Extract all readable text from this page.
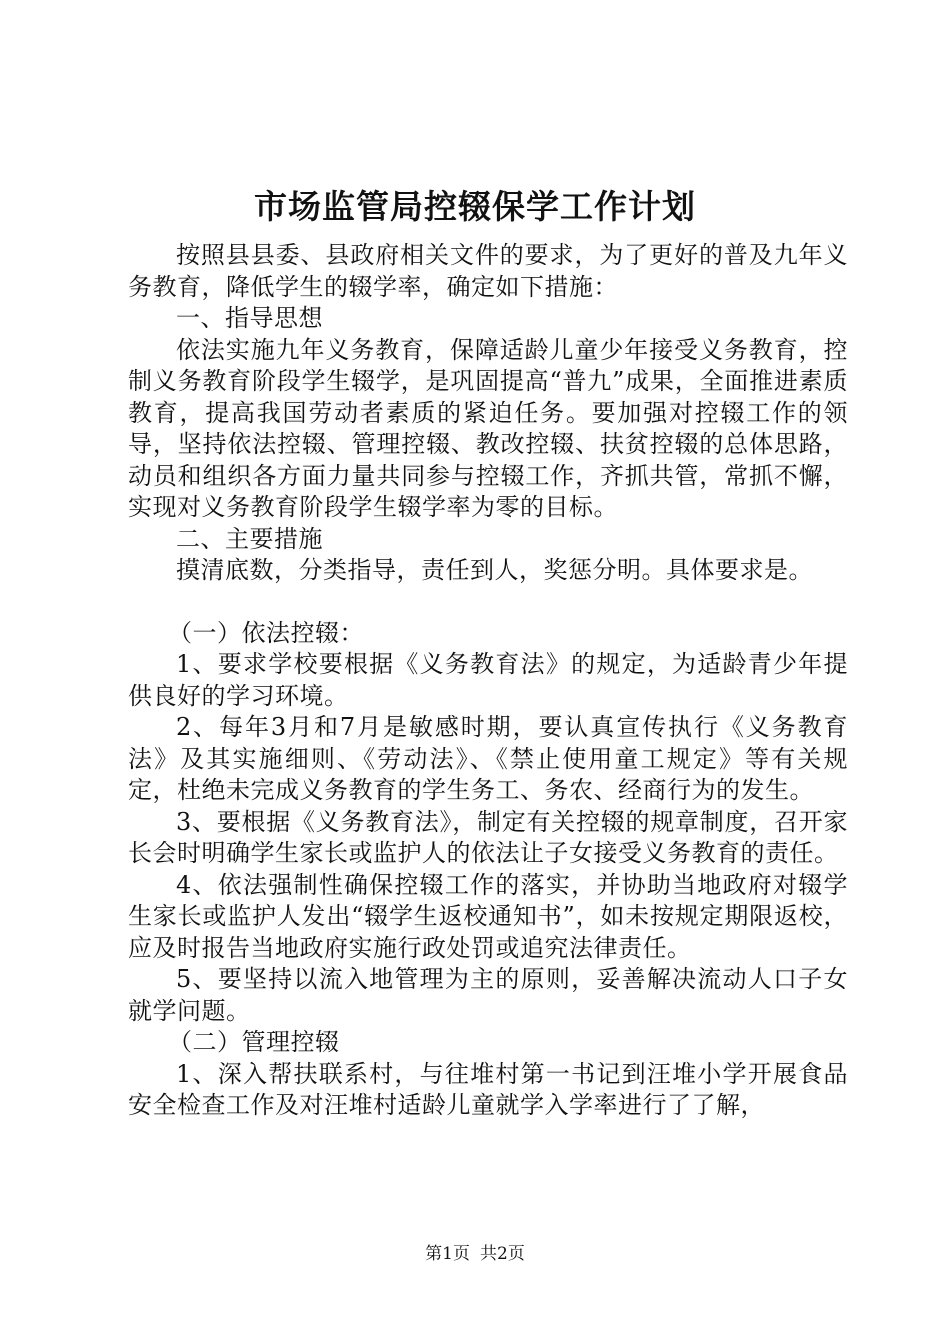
市场监管局控辍保学工作计划

按照县县委、县政府相关文件的要求，为了更好的普及九年义务教育，降低学生的辍学率，确定如下措施：

一、指导思想

依法实施九年义务教育，保障适龄儿童少年接受义务教育，控制义务教育阶段学生辍学，是巩固提高“普九”成果，全面推进素质教育，提高我国劳动者素质的紧迫任务。要加强对控辍工作的领导，坚持依法控辍、管理控辍、教改控辍、扶贫控辍的总体思路，动员和组织各方面力量共同参与控辍工作，齐抓共管，常抓不懈，实现对义务教育阶段学生辍学率为零的目标。

二、主要措施

摸清底数，分类指导，责任到人，奖惩分明。具体要求是。

（一）依法控辍：

1、要求学校要根据《义务教育法》的规定，为适龄青少年提供良好的学习环境。

2、每年3月和7月是敏感时期，要认真宣传执行《义务教育法》及其实施细则、《劳动法》、《禁止使用童工规定》等有关规定，杜绝未完成义务教育的学生务工、务农、经商行为的发生。

3、要根据《义务教育法》，制定有关控辍的规章制度，召开家长会时明确学生家长或监护人的依法让子女接受义务教育的责任。

4、依法强制性确保控辍工作的落实，并协助当地政府对辍学生家长或监护人发出“辍学生返校通知书”，如未按规定期限返校，应及时报告当地政府实施行政处罚或追究法律责任。

5、要坚持以流入地管理为主的原则，妥善解决流动人口子女就学问题。

（二）管理控辍

1、深入帮扶联系村，与往堆村第一书记到汪堆小学开展食品安全检查工作及对汪堆村适龄儿童就学入学率进行了了解，

第1页 共2页
